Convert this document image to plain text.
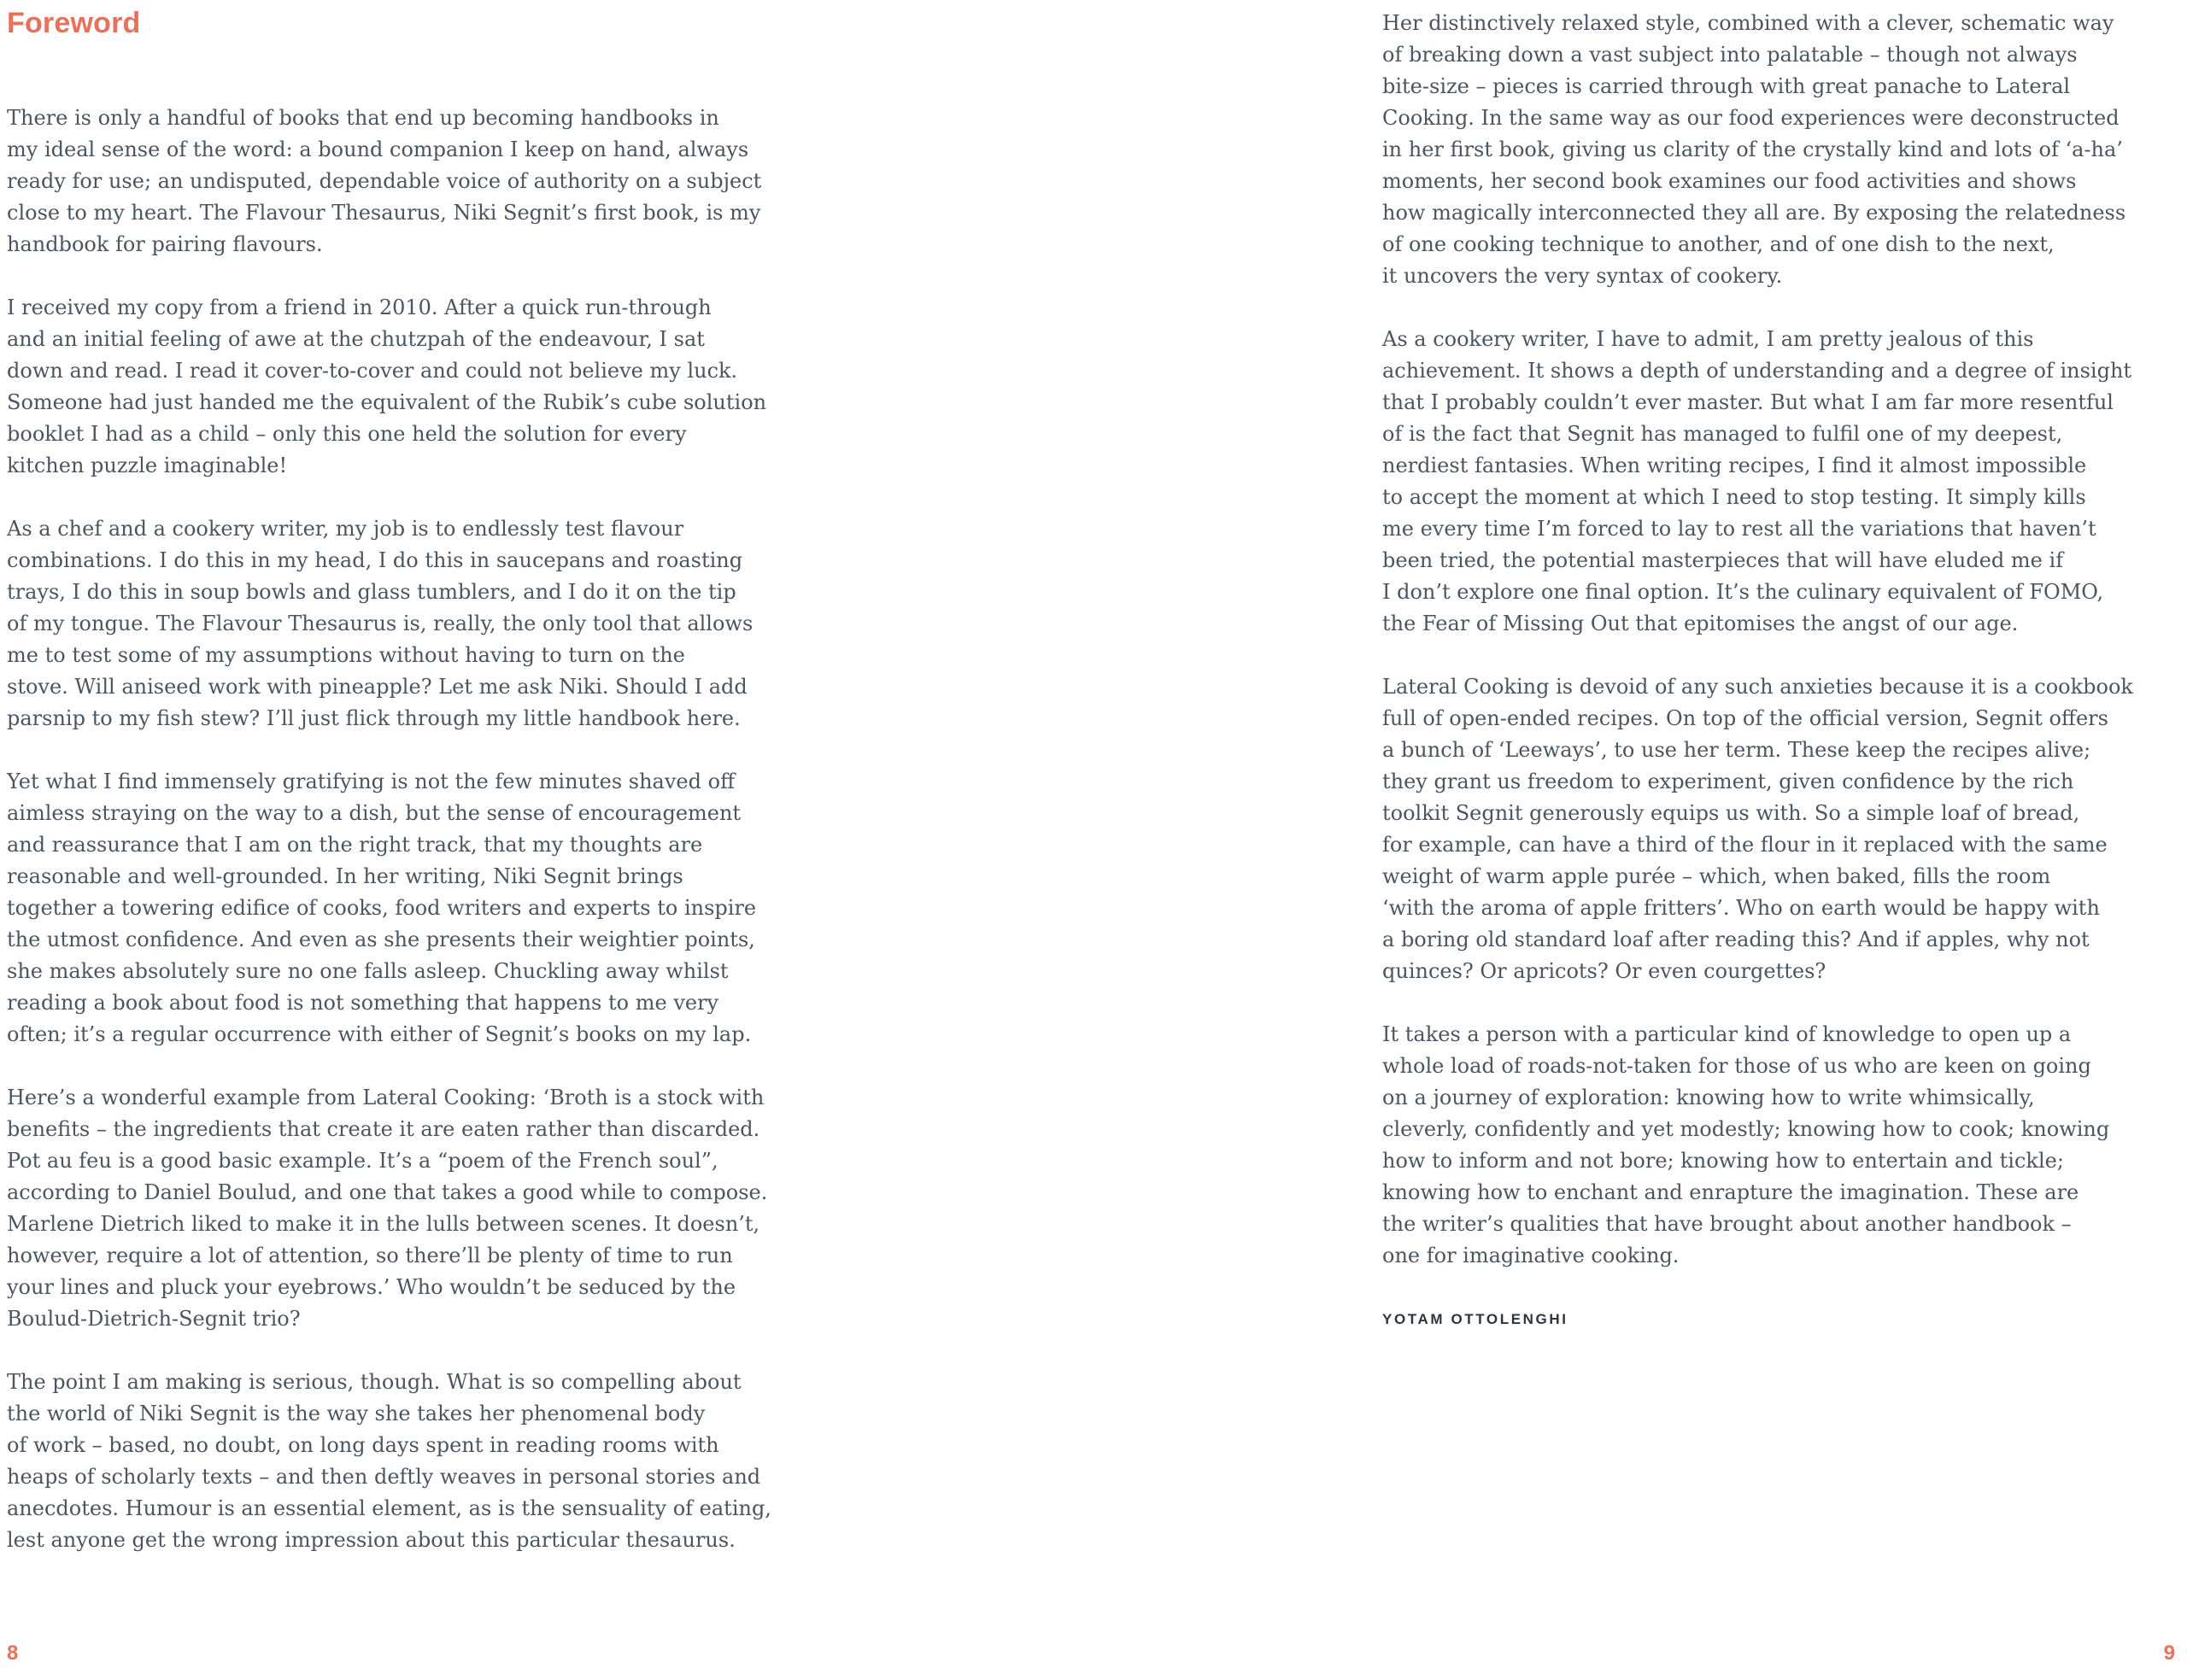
Foreword

There is only a handful of books that end up becoming handbooks in
my ideal sense of the word: a bound companion I keep on hand, always
ready for use; an undisputed, dependable voice of authority on a subject
close to my heart. The Flavour Thesaurus, Niki Segnit’s first book, is my
handbook for pairing flavours.

I received my copy from a friend in 2010. After a quick run-through
and an initial feeling of awe at the chutzpah of the endeavour, I sat
down and read. I read it cover-to-cover and could not believe my luck.
Someone had just handed me the equivalent of the Rubik’s cube solution
booklet I had as a child – only this one held the solution for every
kitchen puzzle imaginable!

As a chef and a cookery writer, my job is to endlessly test flavour
combinations. I do this in my head, I do this in saucepans and roasting
trays, I do this in soup bowls and glass tumblers, and I do it on the tip
of my tongue. The Flavour Thesaurus is, really, the only tool that allows
me to test some of my assumptions without having to turn on the
stove. Will aniseed work with pineapple? Let me ask Niki. Should I add
parsnip to my fish stew? I’ll just flick through my little handbook here.

Yet what I find immensely gratifying is not the few minutes shaved off
aimless straying on the way to a dish, but the sense of encouragement
and reassurance that I am on the right track, that my thoughts are
reasonable and well-grounded. In her writing, Niki Segnit brings
together a towering edifice of cooks, food writers and experts to inspire
the utmost confidence. And even as she presents their weightier points,
she makes absolutely sure no one falls asleep. Chuckling away whilst
reading a book about food is not something that happens to me very
often; it’s a regular occurrence with either of Segnit’s books on my lap.

Here’s a wonderful example from Lateral Cooking: ‘Broth is a stock with
benefits – the ingredients that create it are eaten rather than discarded.
Pot au feu is a good basic example. It’s a “poem of the French soul”,
according to Daniel Boulud, and one that takes a good while to compose.
Marlene Dietrich liked to make it in the lulls between scenes. It doesn’t,
however, require a lot of attention, so there’ll be plenty of time to run
your lines and pluck your eyebrows.’ Who wouldn’t be seduced by the
Boulud-Dietrich-Segnit trio?

The point I am making is serious, though. What is so compelling about
the world of Niki Segnit is the way she takes her phenomenal body
of work – based, no doubt, on long days spent in reading rooms with
heaps of scholarly texts – and then deftly weaves in personal stories and
anecdotes. Humour is an essential element, as is the sensuality of eating,
lest anyone get the wrong impression about this particular thesaurus.

8

Her distinctively relaxed style, combined with a clever, schematic way
of breaking down a vast subject into palatable – though not always
bite-size – pieces is carried through with great panache to Lateral
Cooking. In the same way as our food experiences were deconstructed
in her first book, giving us clarity of the crystally kind and lots of ‘a-ha’
moments, her second book examines our food activities and shows
how magically interconnected they all are. By exposing the relatedness
of one cooking technique to another, and of one dish to the next,
it uncovers the very syntax of cookery.

As a cookery writer, I have to admit, I am pretty jealous of this
achievement. It shows a depth of understanding and a degree of insight
that I probably couldn’t ever master. But what I am far more resentful
of is the fact that Segnit has managed to fulfil one of my deepest,
nerdiest fantasies. When writing recipes, I find it almost impossible
to accept the moment at which I need to stop testing. It simply kills
me every time I’m forced to lay to rest all the variations that haven’t
been tried, the potential masterpieces that will have eluded me if
I don’t explore one final option. It’s the culinary equivalent of FOMO,
the Fear of Missing Out that epitomises the angst of our age.

Lateral Cooking is devoid of any such anxieties because it is a cookbook
full of open-ended recipes. On top of the official version, Segnit offers
a bunch of ‘Leeways’, to use her term. These keep the recipes alive;
they grant us freedom to experiment, given confidence by the rich
toolkit Segnit generously equips us with. So a simple loaf of bread,
for example, can have a third of the flour in it replaced with the same
weight of warm apple purée – which, when baked, fills the room
‘with the aroma of apple fritters’. Who on earth would be happy with
a boring old standard loaf after reading this? And if apples, why not
quinces? Or apricots? Or even courgettes?

It takes a person with a particular kind of knowledge to open up a
whole load of roads-not-taken for those of us who are keen on going
on a journey of exploration: knowing how to write whimsically,
cleverly, confidently and yet modestly; knowing how to cook; knowing
how to inform and not bore; knowing how to entertain and tickle;
knowing how to enchant and enrapture the imagination. These are
the writer’s qualities that have brought about another handbook –
one for imaginative cooking.

YOTAM OTTOLENGHI

9
